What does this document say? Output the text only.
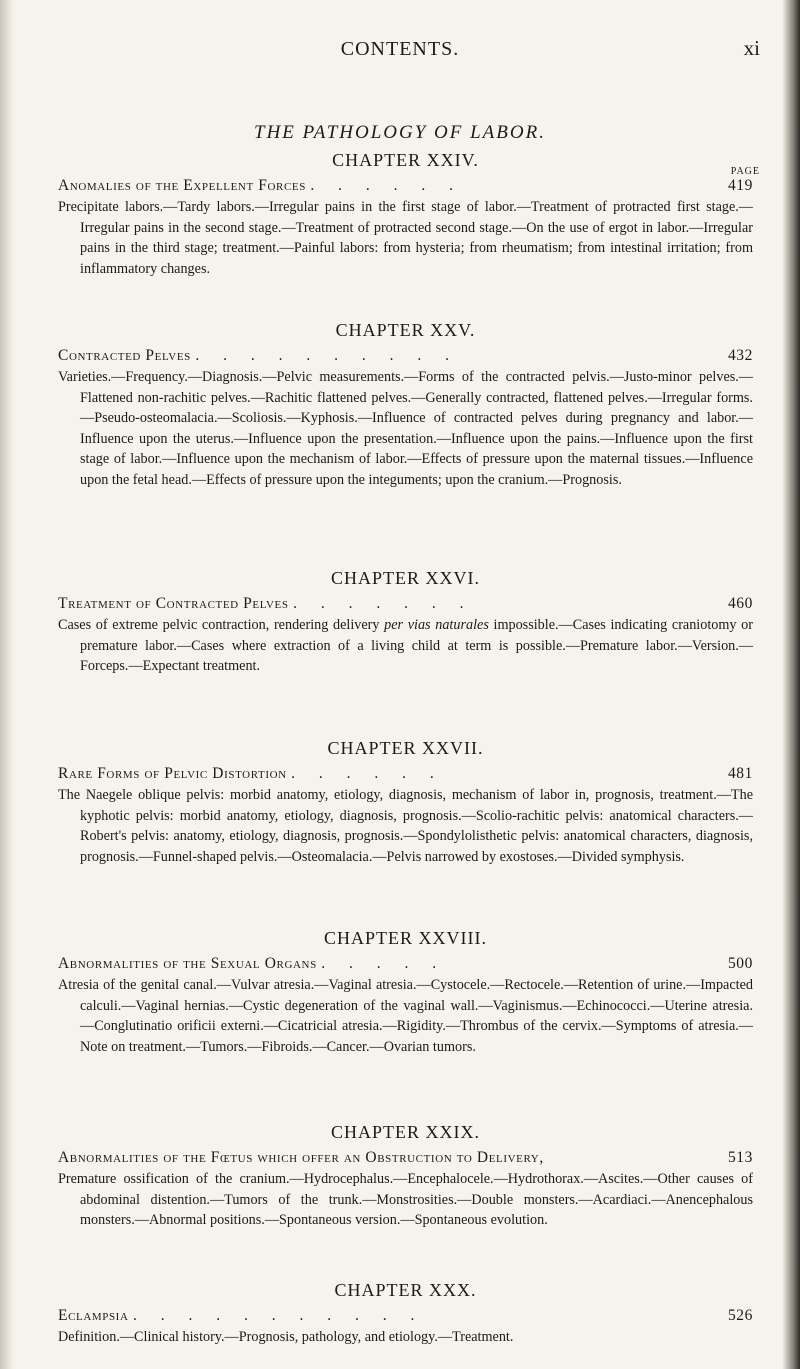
CONTENTS.	xi
THE PATHOLOGY OF LABOR.
PAGE

CHAPTER XXIV.

Anomalies of the Expellent Forces . . . . . .	419
Precipitate labors.—Tardy labors.—Irregular pains in the first stage of labor.—Treatment of protracted first stage.—Irregular pains in the second stage.—Treatment of protracted second stage.—On the use of ergot in labor.—Irregular pains in the third stage; treatment.—Painful labors: from hysteria; from rheumatism; from intestinal irritation; from inflammatory changes.

CHAPTER XXV.

Contracted Pelves . . . . . . . . . .	432
Varieties.—Frequency.—Diagnosis.—Pelvic measurements.—Forms of the contracted pelvis.—Justo-minor pelves.—Flattened non-rachitic pelves.—Rachitic flattened pelves.—Generally contracted, flattened pelves.—Irregular forms.—Pseudo-osteomalacia.—Scoliosis.—Kyphosis.—Influence of contracted pelves during pregnancy and labor.—Influence upon the uterus.—Influence upon the presentation.—Influence upon the pains.—Influence upon the first stage of labor.—Influence upon the mechanism of labor.—Effects of pressure upon the maternal tissues.—Influence upon the fetal head.—Effects of pressure upon the integuments; upon the cranium.—Prognosis.

CHAPTER XXVI.

Treatment of Contracted Pelves . . . . . . .	460
Cases of extreme pelvic contraction, rendering delivery per vias naturales impossible.—Cases indicating craniotomy or premature labor.—Cases where extraction of a living child at term is possible.—Premature labor.—Version.—Forceps.—Expectant treatment.

CHAPTER XXVII.

Rare Forms of Pelvic Distortion . . . . . .	481
The Naegele oblique pelvis: morbid anatomy, etiology, diagnosis, mechanism of labor in, prognosis, treatment.—The kyphotic pelvis: morbid anatomy, etiology, diagnosis, prognosis.—Scolio-rachitic pelvis: anatomical characters.—Robert's pelvis: anatomy, etiology, diagnosis, prognosis.—Spondylolisthetic pelvis: anatomical characters, diagnosis, prognosis.—Funnel-shaped pelvis.—Osteomalacia.—Pelvis narrowed by exostoses.—Divided symphysis.

CHAPTER XXVIII.

Abnormalities of the Sexual Organs . . . . .	500
Atresia of the genital canal.—Vulvar atresia.—Vaginal atresia.—Cystocele.—Rectocele.—Retention of urine.—Impacted calculi.—Vaginal hernias.—Cystic degeneration of the vaginal wall.—Vaginismus.—Echinococci.—Uterine atresia.—Conglutinatio orificii externi.—Cicatricial atresia.—Rigidity.—Thrombus of the cervix.—Symptoms of atresia.—Note on treatment.—Tumors.—Fibroids.—Cancer.—Ovarian tumors.

CHAPTER XXIX.

Abnormalities of the Fœtus which offer an Obstruction to Delivery,	513
Premature ossification of the cranium.—Hydrocephalus.—Encephalocele.—Hydrothorax.—Ascites.—Other causes of abdominal distention.—Tumors of the trunk.—Monstrosities.—Double monsters.—Acardiaci.—Anencephalous monsters.—Abnormal positions.—Spontaneous version.—Spontaneous evolution.

CHAPTER XXX.

Eclampsia . . . . . . . . . . .	526
Definition.—Clinical history.—Prognosis, pathology, and etiology.—Treatment.
